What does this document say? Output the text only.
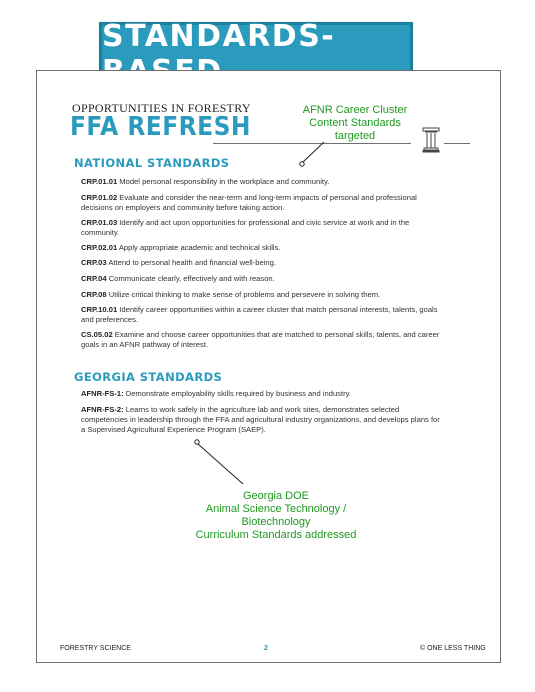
STANDARDS-
OPPORTUNITIES IN FORESTRY
FFA REFRESH
AFNR Career Cluster
Content Standards
targeted
NATIONAL STANDARDS
CRP.01.01 Model personal responsibility in the workplace and community.
CRP.01.02 Evaluate and consider the near-term and long-term impacts of personal and professional decisions on employers and community before taking action.
CRP.01.03 Identify and act upon opportunities for professional and civic service at work and in the community.
CRP.02.01 Apply appropriate academic and technical skills.
CRP.03 Attend to personal health and financial well-being.
CRP.04 Communicate clearly, effectively and with reason.
CRP.08 Utilize critical thinking to make sense of problems and persevere in solving them.
CRP.10.01 Identify career opportunities within a career cluster that match personal interests, talents, goals and preferences.
CS.05.02 Examine and choose career opportunities that are matched to personal skills, talents, and career goals in an AFNR pathway of interest.
GEORGIA STANDARDS
AFNR-FS-1: Demonstrate employability skills required by business and industry.
AFNR-FS-2: Learns to work safely in the agriculture lab and work sites, demonstrates selected competencies in leadership through the FFA and agricultural industry organizations, and develops plans for a Supervised Agricultural Experience Program (SAEP).
Georgia DOE
Animal Science Technology / Biotechnology
Curriculum Standards addressed
FORESTRY SCIENCE	2	© ONE LESS THING
